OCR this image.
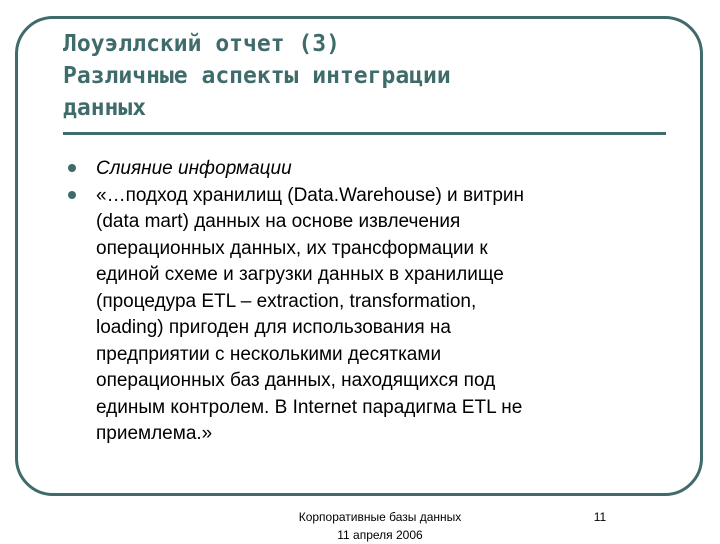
Лоуэллский отчет (3)
Различные аспекты интеграции
данных
Слияние информации
«…подход хранилищ (Data.Warehouse) и витрин
(data mart) данных на основе извлечения
операционных данных, их трансформации к
единой схеме и загрузки данных в хранилище
(процедура ETL – extraction, transformation,
loading) пригоден для использования на
предприятии с несколькими десятками
операционных баз данных, находящихся под
единым контролем. В Internet парадигма ETL не
приемлема.»
Корпоративные базы данных
11 апреля 2006
11
